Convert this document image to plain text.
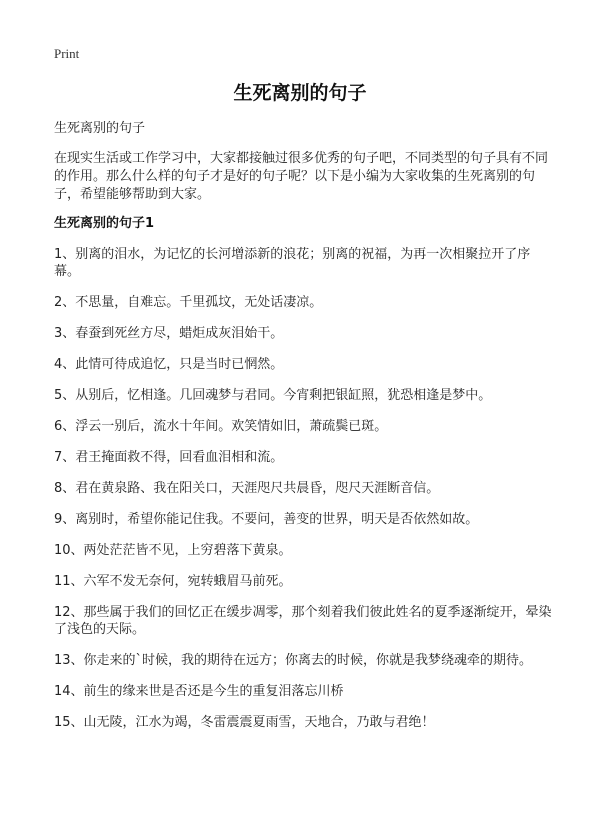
Print
生死离别的句子
生死离别的句子

在现实生活或工作学习中，大家都接触过很多优秀的句子吧，不同类型的句子具有不同的作用。那么什么样的句子才是好的句子呢？以下是小编为大家收集的生死离别的句子，希望能够帮助到大家。

生死离别的句子1
1、别离的泪水，为记忆的长河增添新的浪花；别离的祝福，为再一次相聚拉开了序幕。
2、不思量，自难忘。千里孤坟，无处话凄凉。
3、春蚕到死丝方尽，蜡炬成灰泪始干。
4、此情可待成追忆，只是当时已惘然。
5、从别后，忆相逢。几回魂梦与君同。今宵剩把银缸照，犹恐相逢是梦中。
6、浮云一别后，流水十年间。欢笑情如旧，萧疏鬓已斑。
7、君王掩面救不得，回看血泪相和流。
8、君在黄泉路、我在阳关口，天涯咫尺共晨昏，咫尺天涯断音信。
9、离别时，希望你能记住我。不要问，善变的世界，明天是否依然如故。
10、两处茫茫皆不见，上穷碧落下黄泉。
11、六军不发无奈何，宛转蛾眉马前死。
12、那些属于我们的回忆正在缓步凋零，那个刻着我们彼此姓名的夏季逐渐绽开，晕染了浅色的天际。
13、你走来的`时候，我的期待在远方；你离去的时候，你就是我梦绕魂牵的期待。
14、前生的缘来世是否还是今生的重复泪落忘川桥
15、山无陵，江水为竭，冬雷震震夏雨雪，天地合，乃敢与君绝！
